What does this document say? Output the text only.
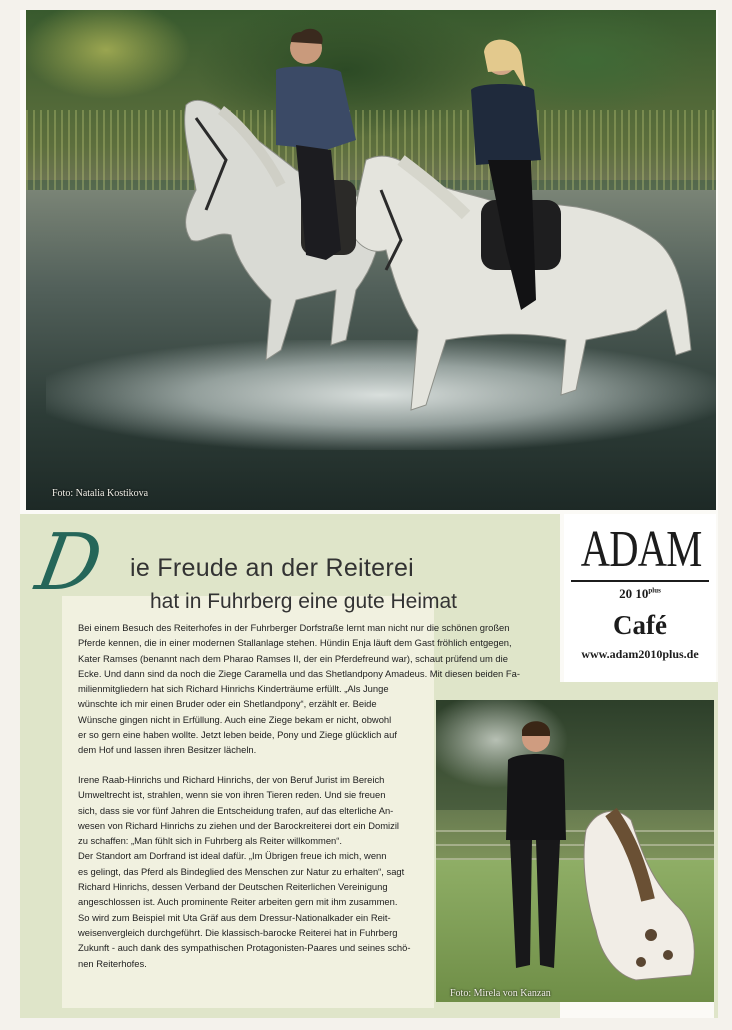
Foto: Natalia Kostikova
D ie Freude an der Reiterei
hat in Fuhrberg eine gute Heimat

Bei einem Besuch des Reiterhofes in der Fuhrberger Dorfstraße lernt man nicht nur die schönen großen

Pferde kennen, die in einer modernen Stallanlage stehen. Hündin Enja läuft dem Gast fröhlich entgegen,

Kater Ramses (benannt nach dem Pharao Ramses II, der ein Pferdefreund war), schaut prüfend um die

Ecke. Und dann sind da noch die Ziege Caramella und das Shetlandpony Amadeus. Mit diesen beiden Fa-

milienmitgliedern hat sich Richard Hinrichs Kinderträume erfüllt. „Als Junge

wünschte ich mir einen Bruder oder ein Shetlandpony“, erzählt er. Beide

Wünsche gingen nicht in Erfüllung. Auch eine Ziege bekam er nicht, obwohl

er so gern eine haben wollte. Jetzt leben beide, Pony und Ziege glücklich auf

dem Hof und lassen ihren Besitzer lächeln.

Irene Raab-Hinrichs und Richard Hinrichs, der von Beruf Jurist im Bereich

Umweltrecht ist, strahlen, wenn sie von ihren Tieren reden. Und sie freuen

sich, dass sie vor fünf Jahren die Entscheidung trafen, auf das elterliche An-

wesen von Richard Hinrichs zu ziehen und der Barockreiterei dort ein Domizil

zu schaffen: „Man fühlt sich in Fuhrberg als Reiter willkommen“.

Der Standort am Dorfrand ist ideal dafür. „Im Übrigen freue ich mich, wenn

es gelingt, das Pferd als Bindeglied des Menschen zur Natur zu erhalten“, sagt

Richard Hinrichs, dessen Verband der Deutschen Reiterlichen Vereinigung

angeschlossen ist. Auch prominente Reiter arbeiten gern mit ihm zusammen.

So wird zum Beispiel mit Uta Gräf aus dem Dressur-Nationalkader ein Reit-

weisenvergleich durchgeführt. Die klassisch-barocke Reiterei hat in Fuhrberg

Zukunft - auch dank des sympathischen Protagonisten-Paares und seines schö-

nen Reiterhofes.

ADAM
20 $10^{plus}$
Café
www.adam2010plus.de
Foto: Mirela von Kanzan
